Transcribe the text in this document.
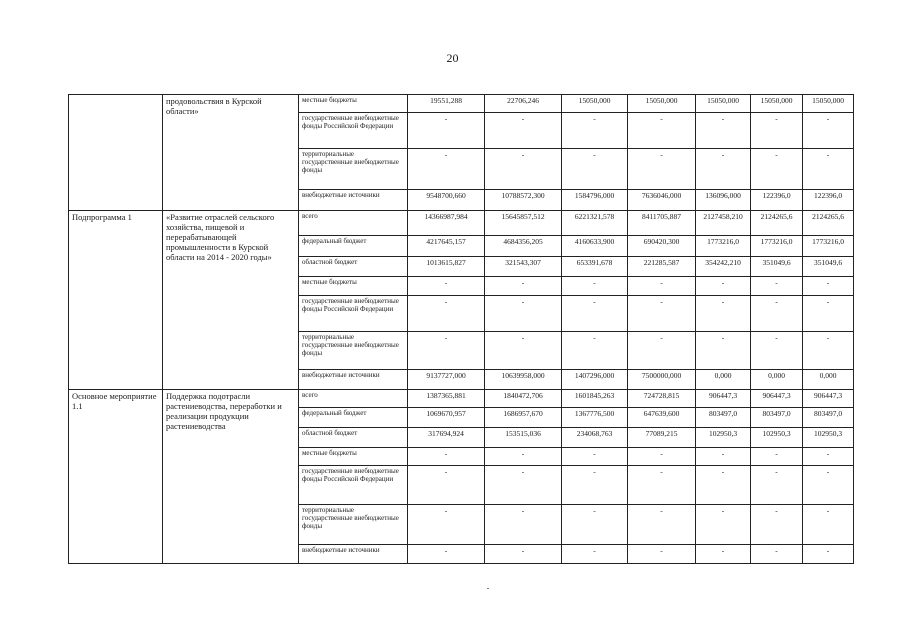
20
	продовольствия в Курской области»	местные бюджеты	19551,288	22706,246	15050,000	15050,000	15050,000	15050,000	15050,000
		государственные внебюджетные фонды Российской Федерации	-	-	-	-	-	-	-
		территориальные государственные внебюджетные фонды	-	-	-	-	-	-	-
		внебюджетные источники	9548700,660	10788572,300	1584796,000	7636046,000	136096,000	122396,0	122396,0
Подпрограмма 1	«Развитие отраслей сельского хозяйства, пищевой и перерабатывающей промышленности в Курской области на 2014 - 2020 годы»	всего	14366987,984	15645857,512	6221321,578	8411705,887	2127458,210	2124265,6	2124265,6
		федеральный бюджет	4217645,157	4684356,205	4160633,900	690420,300	1773216,0	1773216,0	1773216,0
		областной бюджет	1013615,827	321543,307	653391,678	221285,587	354242,210	351049,6	351049,6
		местные бюджеты	-	-	-	-	-	-	-
		государственные внебюджетные фонды Российской Федерации	-	-	-	-	-	-	-
		территориальные государственные внебюджетные фонды	-	-	-	-	-	-	-
		внебюджетные источники	9137727,000	10639958,000	1407296,000	7500000,000	0,000	0,000	0,000
Основное мероприятие 1.1	Поддержка подотрасли растениеводства, переработки и реализации продукции растениеводства	всего	1387365,881	1840472,706	1601845,263	724728,815	906447,3	906447,3	906447,3
		федеральный бюджет	1069670,957	1686957,670	1367776,500	647639,600	803497,0	803497,0	803497,0
		областной бюджет	317694,924	153515,036	234068,763	77089,215	102950,3	102950,3	102950,3
		местные бюджеты	-	-	-	-	-	-	-
		государственные внебюджетные фонды Российской Федерации	-	-	-	-	-	-	-
		территориальные государственные внебюджетные фонды	-	-	-	-	-	-	-
		внебюджетные источники	-	-	-	-	-	-	-
